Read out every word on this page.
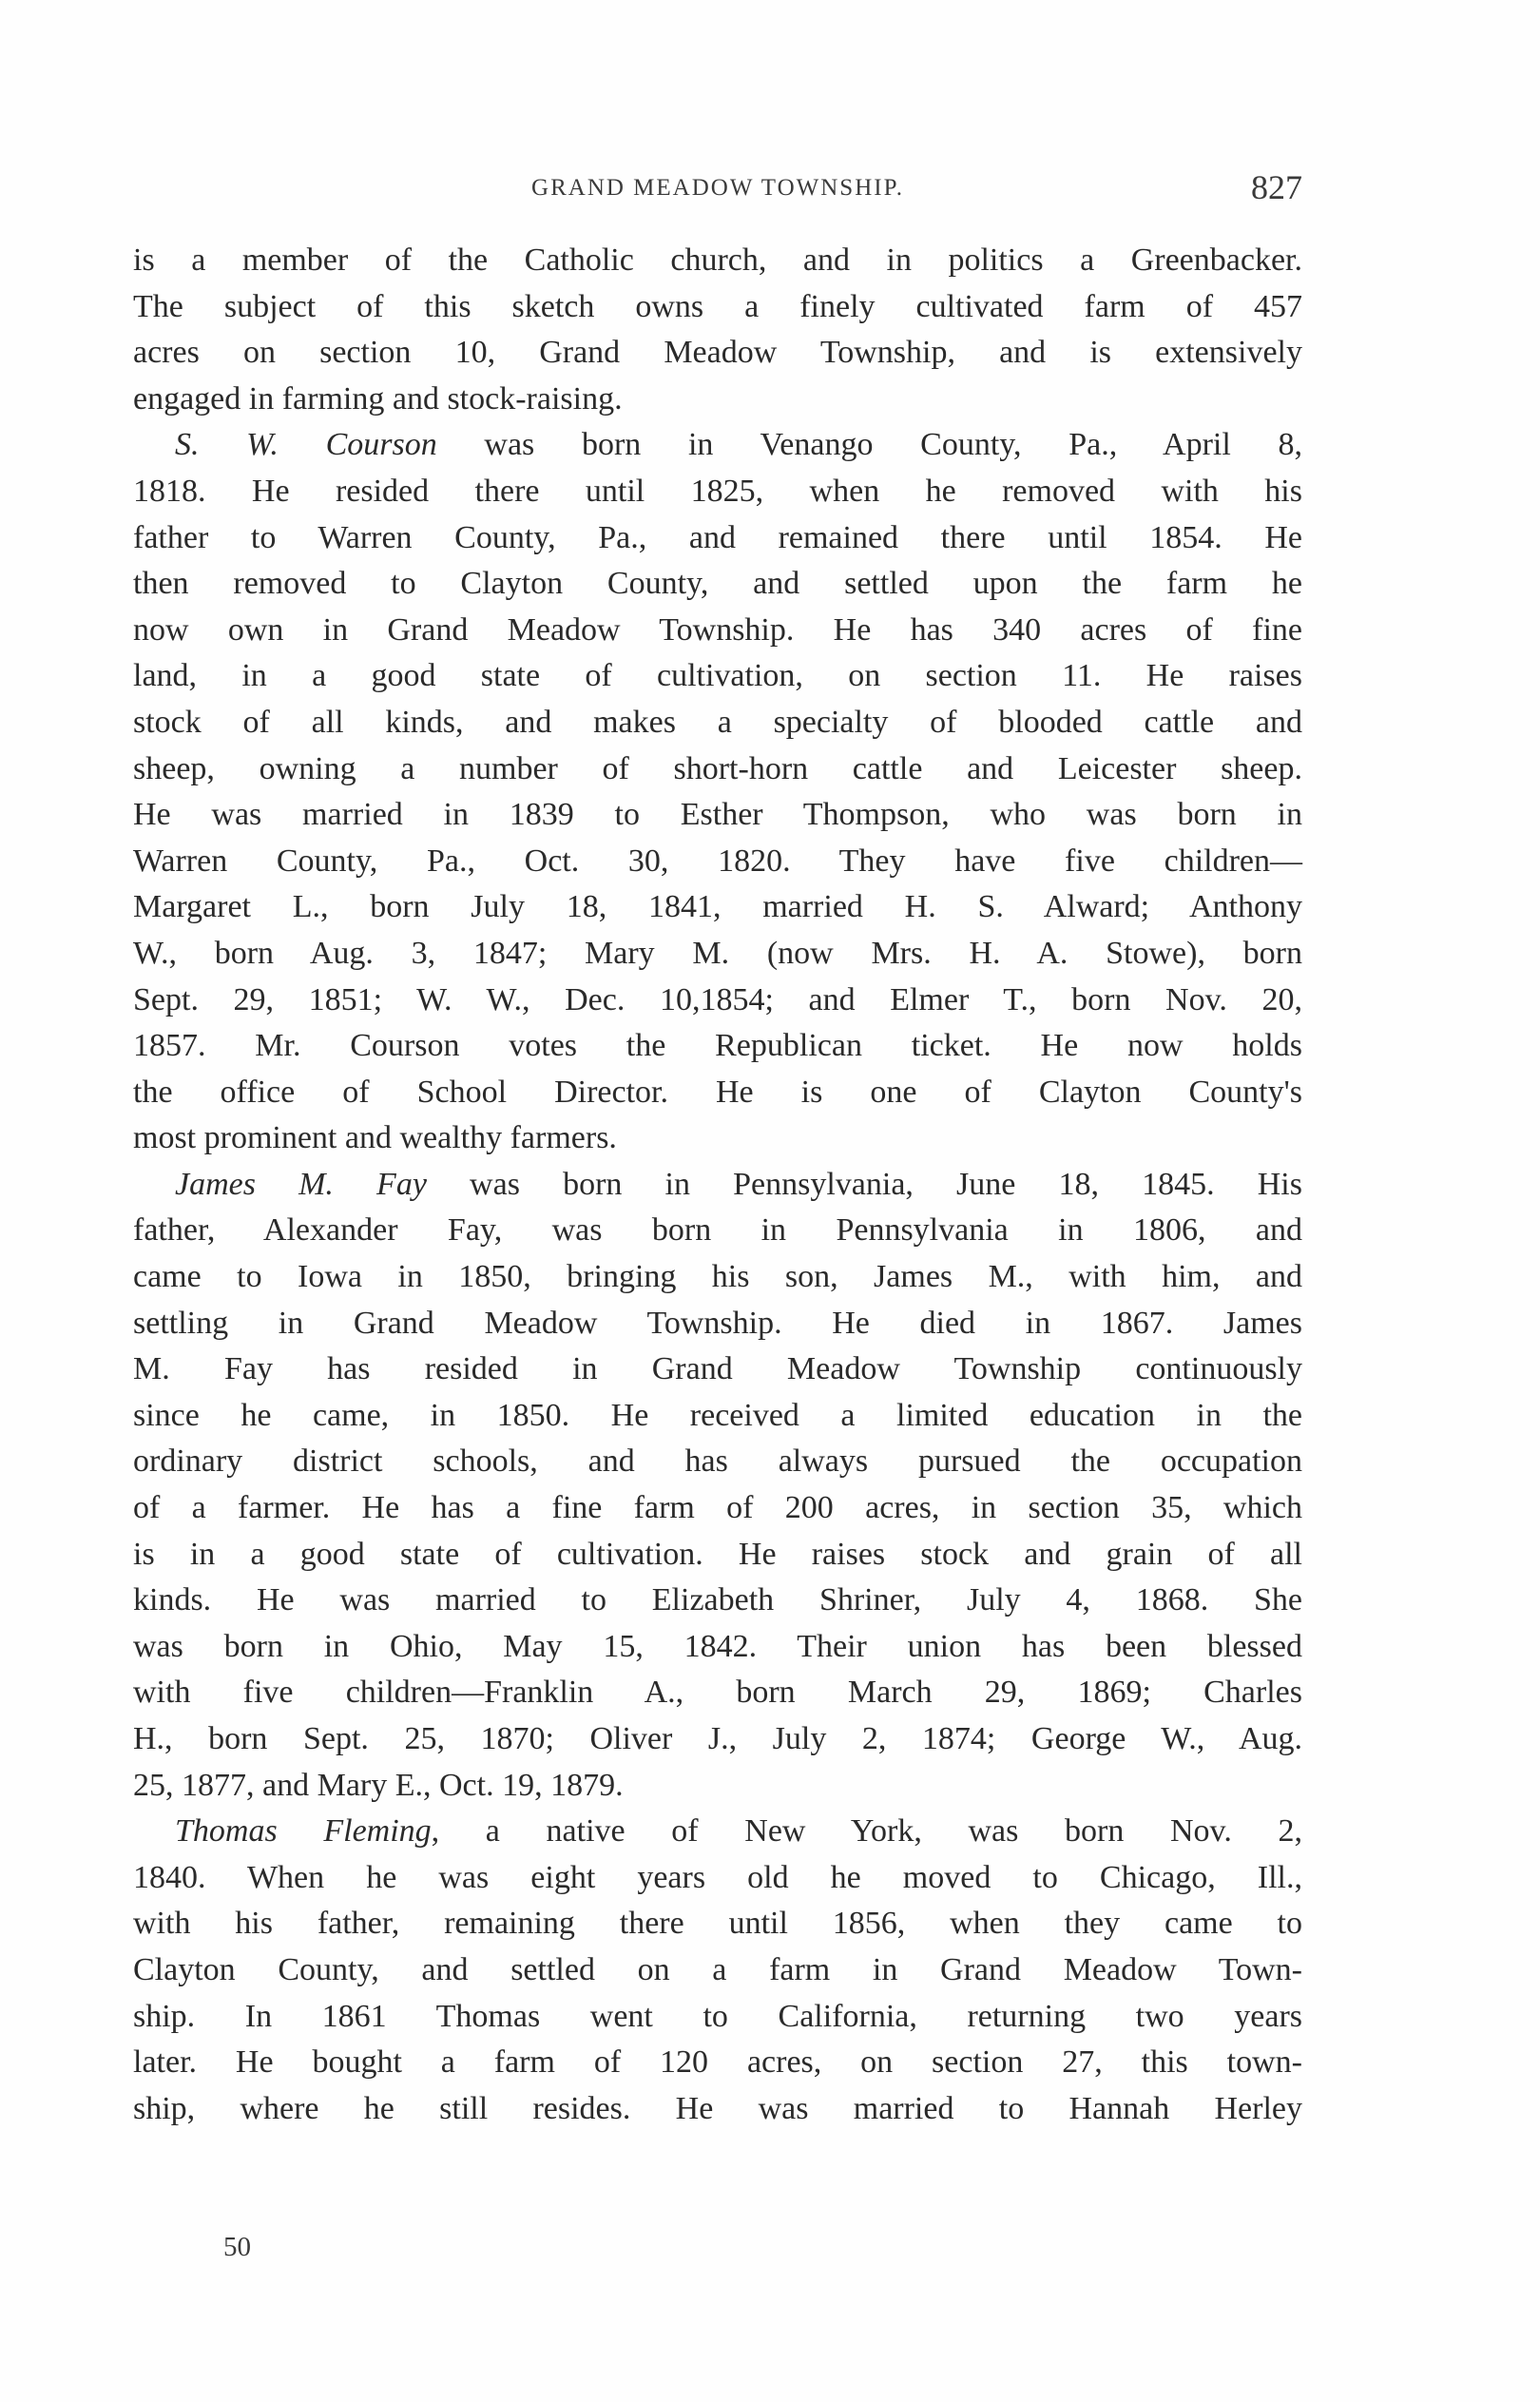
GRAND MEADOW TOWNSHIP.	827
is a member of the Catholic church, and in politics a Greenbacker.
The subject of this sketch owns a finely cultivated farm of 457
acres on section 10, Grand Meadow Township, and is extensively
engaged in farming and stock-raising.
S. W. Courson was born in Venango County, Pa., April 8,
1818. He resided there until 1825, when he removed with his
father to Warren County, Pa., and remained there until 1854. He
then removed to Clayton County, and settled upon the farm he
now own in Grand Meadow Township. He has 340 acres of fine
land, in a good state of cultivation, on section 11. He raises
stock of all kinds, and makes a specialty of blooded cattle and
sheep, owning a number of short-horn cattle and Leicester sheep.
He was married in 1839 to Esther Thompson, who was born in
Warren County, Pa., Oct. 30, 1820. They have five children—
Margaret L., born July 18, 1841, married H. S. Alward; Anthony
W., born Aug. 3, 1847; Mary M. (now Mrs. H. A. Stowe), born
Sept. 29, 1851; W. W., Dec. 10,1854; and Elmer T., born Nov. 20,
1857. Mr. Courson votes the Republican ticket. He now holds
the office of School Director. He is one of Clayton County's
most prominent and wealthy farmers.
James M. Fay was born in Pennsylvania, June 18, 1845. His
father, Alexander Fay, was born in Pennsylvania in 1806, and
came to Iowa in 1850, bringing his son, James M., with him, and
settling in Grand Meadow Township. He died in 1867. James
M. Fay has resided in Grand Meadow Township continuously
since he came, in 1850. He received a limited education in the
ordinary district schools, and has always pursued the occupation
of a farmer. He has a fine farm of 200 acres, in section 35, which
is in a good state of cultivation. He raises stock and grain of all
kinds. He was married to Elizabeth Shriner, July 4, 1868. She
was born in Ohio, May 15, 1842. Their union has been blessed
with five children—Franklin A., born March 29, 1869; Charles
H., born Sept. 25, 1870; Oliver J., July 2, 1874; George W., Aug.
25, 1877, and Mary E., Oct. 19, 1879.
Thomas Fleming, a native of New York, was born Nov. 2,
1840. When he was eight years old he moved to Chicago, Ill.,
with his father, remaining there until 1856, when they came to
Clayton County, and settled on a farm in Grand Meadow Town-
ship. In 1861 Thomas went to California, returning two years
later. He bought a farm of 120 acres, on section 27, this town-
ship, where he still resides. He was married to Hannah Herley
50
